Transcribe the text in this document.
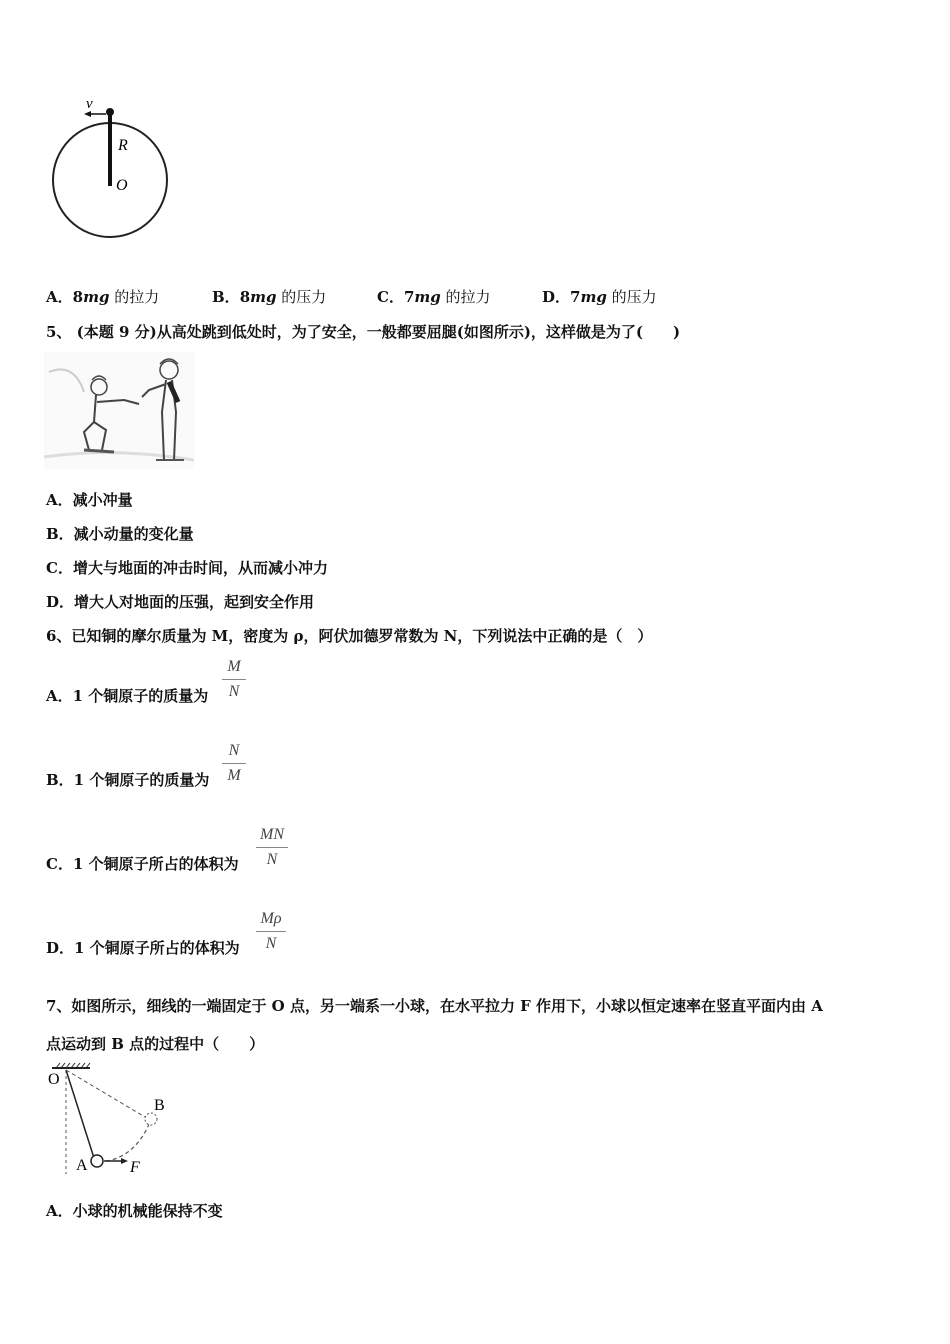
v
R
O
A．8mg 的拉力	B．8mg 的压力	C．7mg 的拉力	D．7mg 的压力
5、 (本题 9 分)从高处跳到低处时，为了安全，一般都要屈腿(如图所示)，这样做是为了(　　)
A．减小冲量
B．减小动量的变化量
C．增大与地面的冲击时间，从而减小冲力
D．增大人对地面的压强，起到安全作用
6、已知铜的摩尔质量为 M，密度为 ρ，阿伏加德罗常数为 N，下列说法中正确的是（　）
A．1 个铜原子的质量为
M
N
B．1 个铜原子的质量为
N
M
C．1 个铜原子所占的体积为
MN
N
D．1 个铜原子所占的体积为
Mρ
N
7、如图所示，细线的一端固定于 O 点，另一端系一小球，在水平拉力 F 作用下，小球以恒定速率在竖直平面内由 A
点运动到 B 点的过程中（　　）
O
B
A	F
A．小球的机械能保持不变
